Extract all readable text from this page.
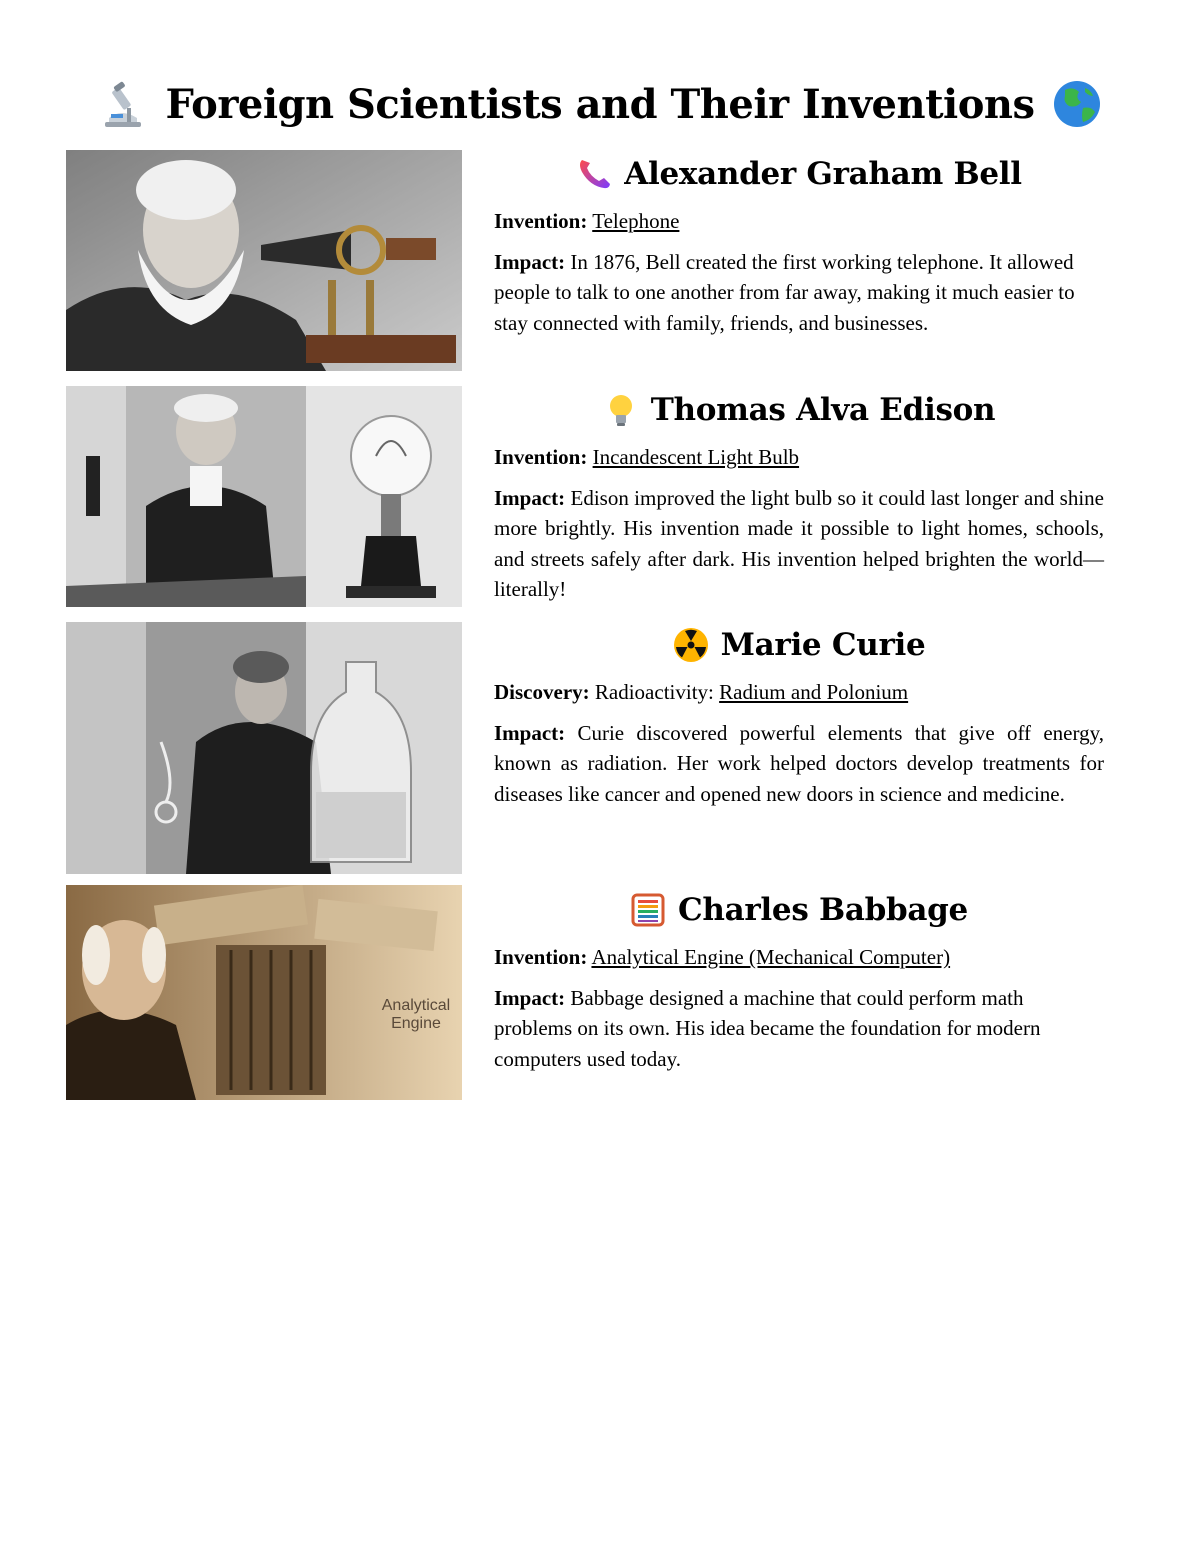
Foreign Scientists and Their Inventions
Analytical
Engine
Alexander Graham Bell

Invention: Telephone

Impact: In 1876, Bell created the first working telephone. It allowed people to talk to one another from far away, making it much easier to stay connected with family, friends, and businesses.

Thomas Alva Edison

Invention: Incandescent Light Bulb

Impact: Edison improved the light bulb so it could last longer and shine more brightly. His invention made it possible to light homes, schools, and streets safely after dark. His invention helped brighten the world—literally!

Marie Curie

Discovery: Radioactivity: Radium and Polonium

Impact: Curie discovered powerful elements that give off energy, known as radiation. Her work helped doctors develop treatments for diseases like cancer and opened new doors in science and medicine.

Charles Babbage

Invention: Analytical Engine (Mechanical Computer)

Impact: Babbage designed a machine that could perform math problems on its own. His idea became the foundation for modern computers used today.
